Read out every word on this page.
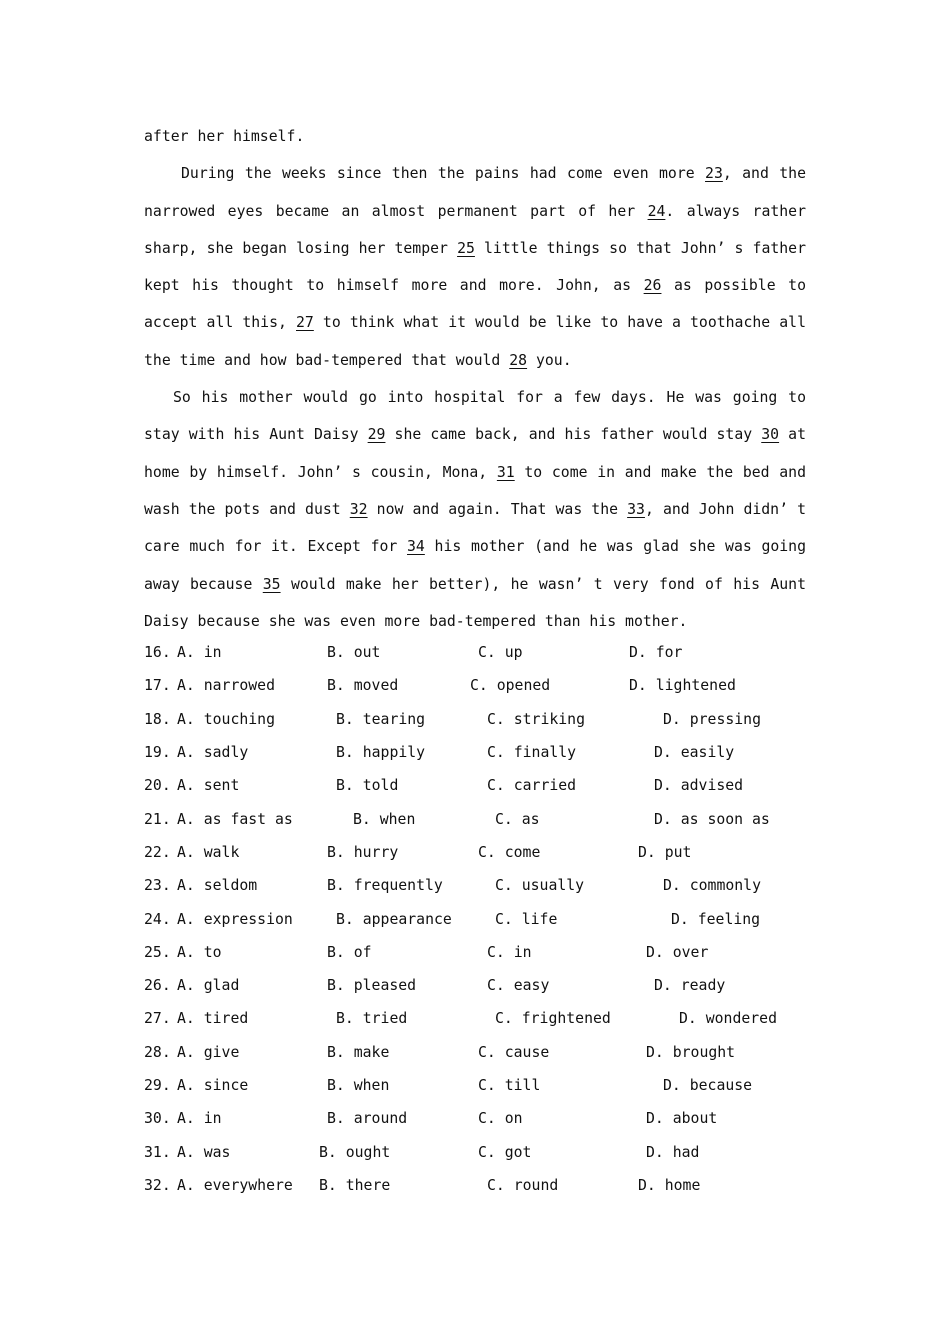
after her himself.

During the weeks since then the pains had come even more 23, and the narrowed eyes became an almost permanent part of her 24. always rather sharp, she began losing her temper 25 little things so that John’ s father kept his thought to himself more and more. John, as 26 as possible to accept all this, 27 to think what it would be like to have a toothache all the time and how bad-tempered that would 28 you.

So his mother would go into hospital for a few days. He was going to stay with his Aunt Daisy 29 she came back, and his father would stay 30 at home by himself. John’ s cousin, Mona, 31 to come in and make the bed and wash the pots and dust 32 now and again. That was the 33, and John didn’ t care much for it. Except for 34 his mother (and he was glad she was going away because 35 would make her better), he wasn’ t very fond of his Aunt Daisy because she was even more bad-tempered than his mother.

16. A. in	B. out	C. up	D. for
17. A. narrowed	B. moved	C. opened	D. lightened
18. A. touching	B. tearing	C. striking	D. pressing
19. A. sadly	B. happily	C. finally	D. easily
20. A. sent	B. told	C. carried	D. advised
21. A. as fast as	B. when	C. as	D. as soon as
22. A. walk	B. hurry	C. come	D. put
23. A. seldom	B. frequently	C. usually	D. commonly
24. A. expression	B. appearance	C. life	D. feeling
25. A. to	B. of	C. in	D. over
26. A. glad	B. pleased	C. easy	D. ready
27. A. tired	B. tried	C. frightened	D. wondered
28. A. give	B. make	C. cause	D. brought
29. A. since	B. when	C. till	D. because
30. A. in	B. around	C. on	D. about
31. A. was	B. ought	C. got	D. had
32. A. everywhere B. there	C. round	D. home
